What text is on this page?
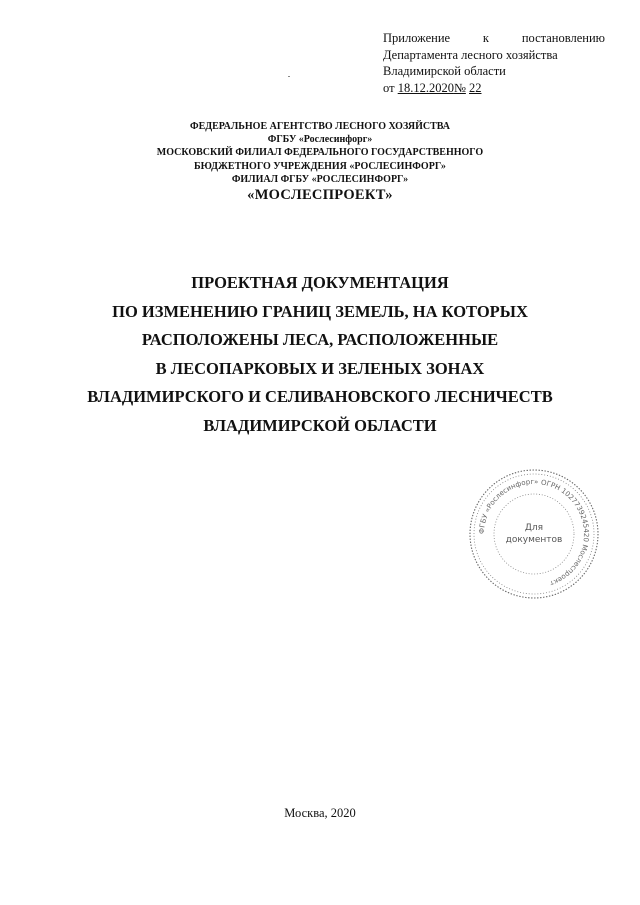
Приложение	к	постановлению
Департамента лесного хозяйства
Владимирской области
от 18.12.2020№ 22
ФЕДЕРАЛЬНОЕ АГЕНТСТВО ЛЕСНОГО ХОЗЯЙСТВА
ФГБУ «Рослесинфорг»
МОСКОВСКИЙ ФИЛИАЛ ФЕДЕРАЛЬНОГО ГОСУДАРСТВЕННОГО
БЮДЖЕТНОГО УЧРЕЖДЕНИЯ «РОСЛЕСИНФОРГ»
ФИЛИАЛ ФГБУ «РОСЛЕСИНФОРГ»
«МОСЛЕСПРОЕКТ»
ПРОЕКТНАЯ ДОКУМЕНТАЦИЯ
ПО ИЗМЕНЕНИЮ ГРАНИЦ ЗЕМЕЛЬ, НА КОТОРЫХ
РАСПОЛОЖЕНЫ ЛЕСА, РАСПОЛОЖЕННЫЕ
В ЛЕСОПАРКОВЫХ И ЗЕЛЕНЫХ ЗОНАХ
ВЛАДИМИРСКОГО И СЕЛИВАНОВСКОГО ЛЕСНИЧЕСТВ
ВЛАДИМИРСКОЙ ОБЛАСТИ
ФГБУ «Рослесинфорг» ОГРН 1027739245420 Мослеспроект
Для
документов
Москва, 2020
